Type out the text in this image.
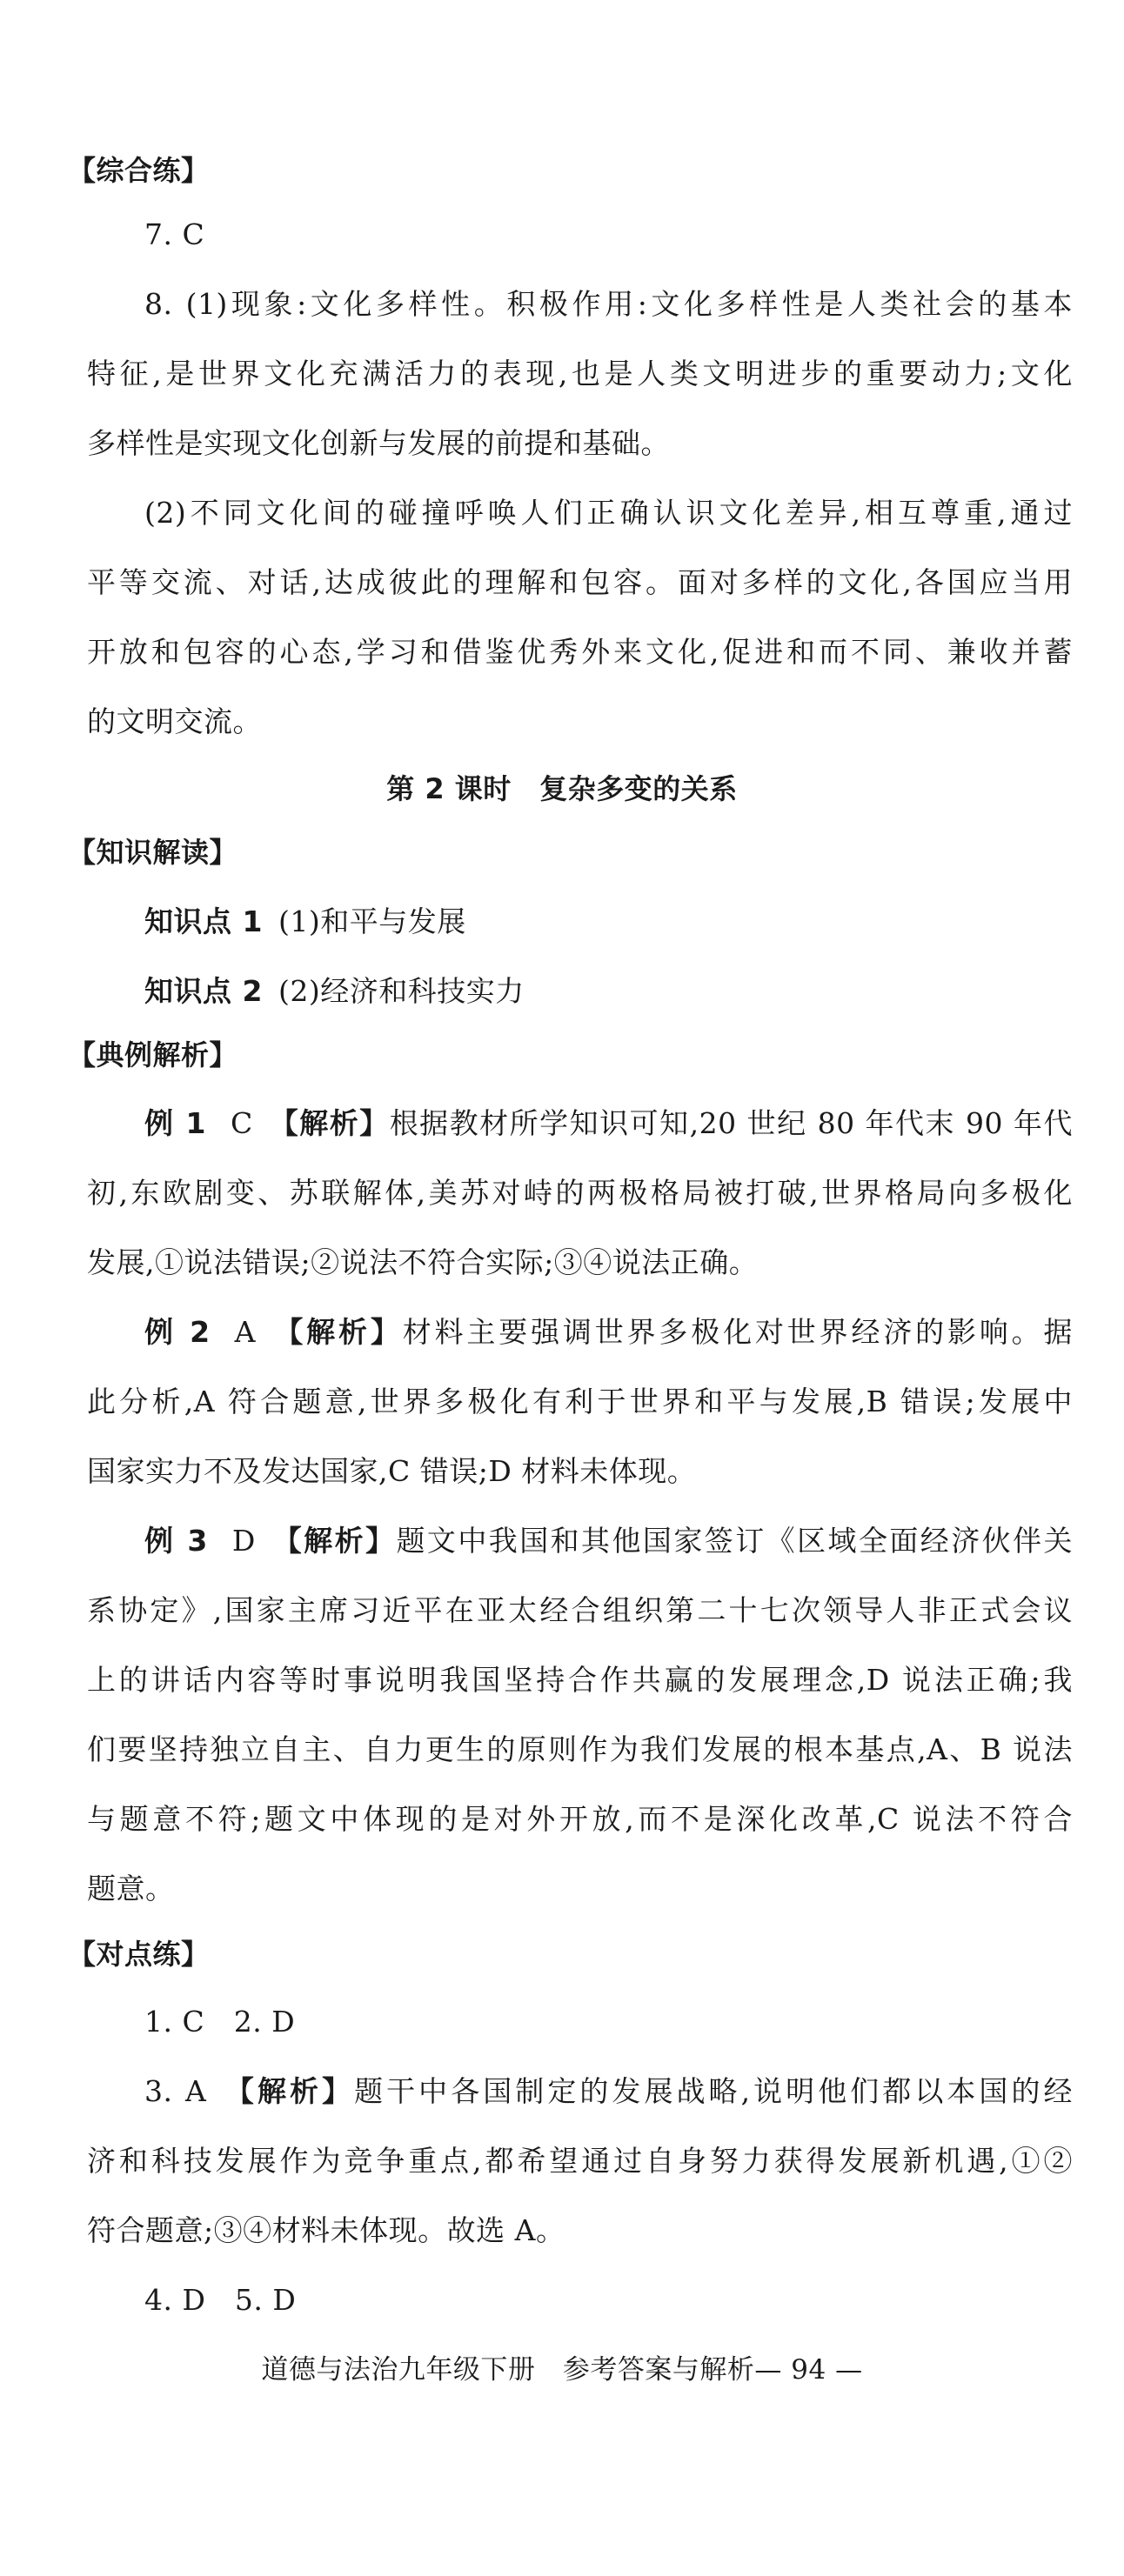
【综合练】
7. C
8. (1)现象:文化多样性。积极作用:文化多样性是人类社会的基本
特征,是世界文化充满活力的表现,也是人类文明进步的重要动力;文化
多样性是实现文化创新与发展的前提和基础。
(2)不同文化间的碰撞呼唤人们正确认识文化差异,相互尊重,通过
平等交流、对话,达成彼此的理解和包容。面对多样的文化,各国应当用
开放和包容的心态,学习和借鉴优秀外来文化,促进和而不同、兼收并蓄
的文明交流。
第 2 课时　复杂多变的关系
【知识解读】
知识点 1 (1)和平与发展
知识点 2 (2)经济和科技实力
【典例解析】
例 1 C 【解析】根据教材所学知识可知,20 世纪 80 年代末 90 年代
初,东欧剧变、苏联解体,美苏对峙的两极格局被打破,世界格局向多极化
发展,①说法错误;②说法不符合实际;③④说法正确。
例 2 A 【解析】材料主要强调世界多极化对世界经济的影响。据
此分析,A 符合题意,世界多极化有利于世界和平与发展,B 错误;发展中
国家实力不及发达国家,C 错误;D 材料未体现。
例 3 D 【解析】题文中我国和其他国家签订《区域全面经济伙伴关
系协定》,国家主席习近平在亚太经合组织第二十七次领导人非正式会议
上的讲话内容等时事说明我国坚持合作共赢的发展理念,D 说法正确;我
们要坚持独立自主、自力更生的原则作为我们发展的根本基点,A、B 说法
与题意不符;题文中体现的是对外开放,而不是深化改革,C 说法不符合
题意。
【对点练】
1. C　2. D
3. A 【解析】题干中各国制定的发展战略,说明他们都以本国的经
济和科技发展作为竞争重点,都希望通过自身努力获得发展新机遇,①②
符合题意;③④材料未体现。故选 A。
4. D　5. D
道德与法治九年级下册　参考答案与解析— 94 —
